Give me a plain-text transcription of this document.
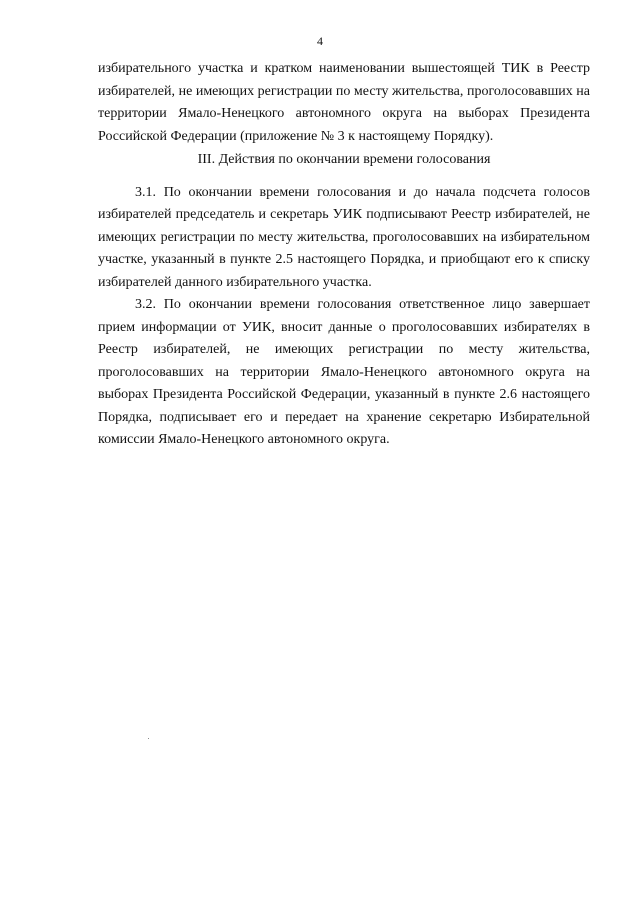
4

избирательного участка и кратком наименовании вышестоящей ТИК в Реестр избирателей, не имеющих регистрации по месту жительства, проголосовавших на территории Ямало-Ненецкого автономного округа на выборах Президента Российской Федерации (приложение № 3 к настоящему Порядку).

III. Действия по окончании времени голосования

3.1. По окончании времени голосования и до начала подсчета голосов избирателей председатель и секретарь УИК подписывают Реестр избирателей, не имеющих регистрации по месту жительства, проголосовавших на избирательном участке, указанный в пункте 2.5 настоящего Порядка, и приобщают его к списку избирателей данного избирательного участка.

3.2. По окончании времени голосования ответственное лицо завершает прием информации от УИК, вносит данные о проголосовавших избирателях в Реестр избирателей, не имеющих регистрации по месту жительства, проголосовавших на территории Ямало-Ненецкого автономного округа на выборах Президента Российской Федерации, указанный в пункте 2.6 настоящего Порядка, подписывает его и передает на хранение секретарю Избирательной комиссии Ямало-Ненецкого автономного округа.
